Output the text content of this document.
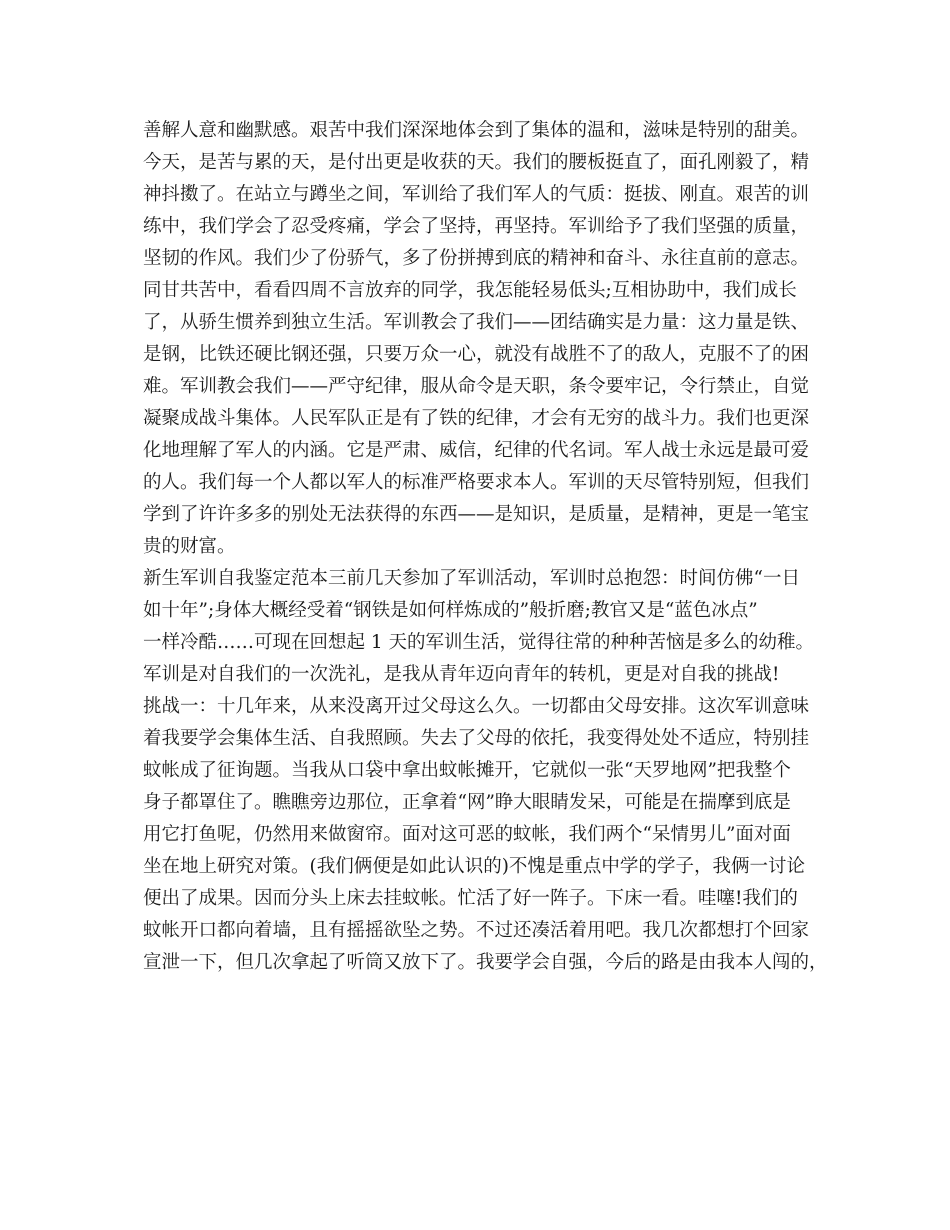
善解人意和幽默感。艰苦中我们深深地体会到了集体的温和，滋味是特别的甜美。
今天，是苦与累的天，是付出更是收获的天。我们的腰板挺直了，面孔刚毅了，精
神抖擞了。在站立与蹲坐之间，军训给了我们军人的气质：挺拔、刚直。艰苦的训
练中，我们学会了忍受疼痛，学会了坚持，再坚持。军训给予了我们坚强的质量，
坚韧的作风。我们少了份骄气，多了份拼搏到底的精神和奋斗、永往直前的意志。
同甘共苦中，看看四周不言放弃的同学，我怎能轻易低头;互相协助中，我们成长
了，从骄生惯养到独立生活。军训教会了我们——团结确实是力量：这力量是铁、
是钢，比铁还硬比钢还强，只要万众一心，就没有战胜不了的敌人，克服不了的困
难。军训教会我们——严守纪律，服从命令是天职，条令要牢记，令行禁止，自觉
凝聚成战斗集体。人民军队正是有了铁的纪律，才会有无穷的战斗力。我们也更深
化地理解了军人的内涵。它是严肃、威信，纪律的代名词。军人战士永远是最可爱
的人。我们每一个人都以军人的标准严格要求本人。军训的天尽管特别短，但我们
学到了许许多多的别处无法获得的东西——是知识，是质量，是精神，更是一笔宝
贵的财富。
新生军训自我鉴定范本三前几天参加了军训活动，军训时总抱怨：时间仿佛“一日
如十年”;身体大概经受着“钢铁是如何样炼成的”般折磨;教官又是“蓝色冰点”
一样冷酷……可现在回想起 1 天的军训生活，觉得往常的种种苦恼是多么的幼稚。
军训是对自我们的一次洗礼，是我从青年迈向青年的转机，更是对自我的挑战!
挑战一：十几年来，从来没离开过父母这么久。一切都由父母安排。这次军训意味
着我要学会集体生活、自我照顾。失去了父母的依托，我变得处处不适应，特别挂
蚊帐成了征询题。当我从口袋中拿出蚊帐摊开，它就似一张“天罗地网”把我整个
身子都罩住了。瞧瞧旁边那位，正拿着“网”睁大眼睛发呆，可能是在揣摩到底是
用它打鱼呢，仍然用来做窗帘。面对这可恶的蚊帐，我们两个“呆情男儿”面对面
坐在地上研究对策。(我们俩便是如此认识的)不愧是重点中学的学子，我俩一讨论
便出了成果。因而分头上床去挂蚊帐。忙活了好一阵子。下床一看。哇噻!我们的
蚊帐开口都向着墙，且有摇摇欲坠之势。不过还凑活着用吧。我几次都想打个回家
宣泄一下，但几次拿起了听筒又放下了。我要学会自强，今后的路是由我本人闯的，
